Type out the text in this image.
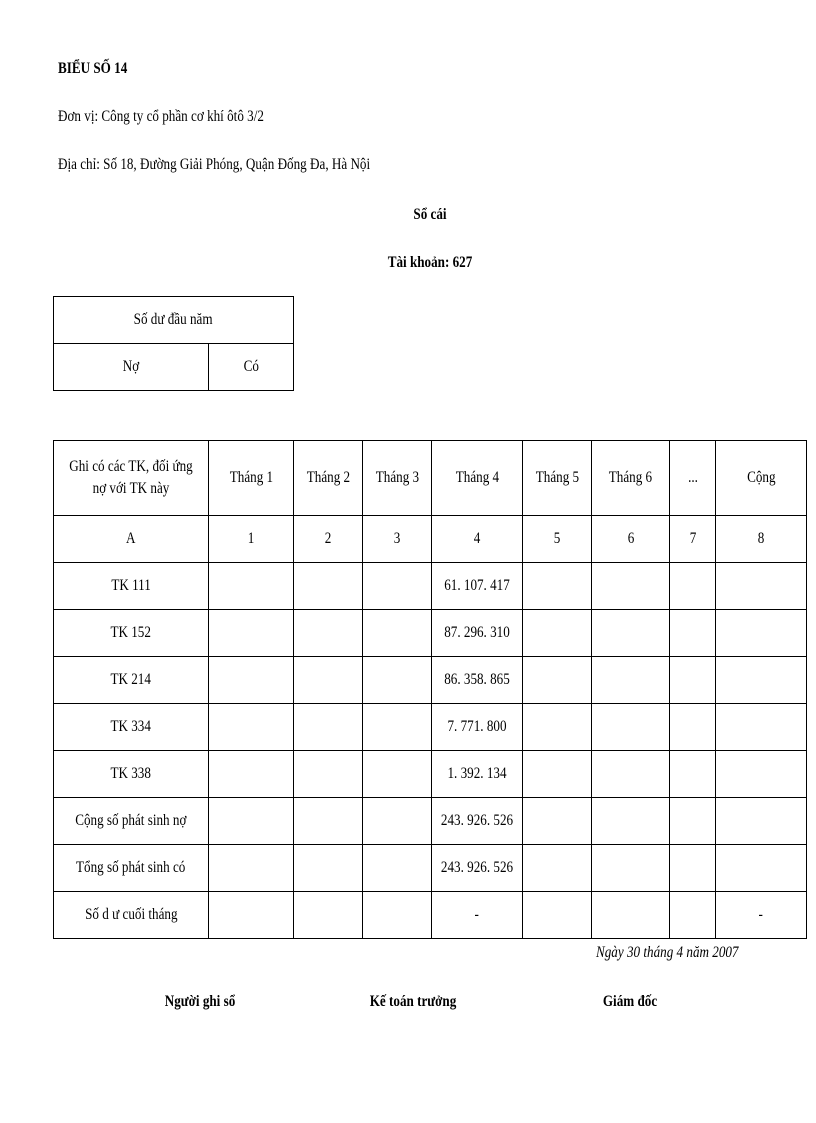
BIỂU SỐ 14
Đơn vị: Công ty cổ phần cơ khí ôtô 3/2
Địa chỉ: Số 18, Đường Giải Phóng, Quận Đống Đa, Hà Nội
Sổ cái
Tài khoản: 627
Số dư đầu năm
Nợ	Có
Ghi có các TK, đối ứng nợ với TK này	Tháng 1	Tháng 2	Tháng 3	Tháng 4	Tháng 5	Tháng 6	...	Cộng
A	1	2	3	4	5	6	7	8
TK 111				61. 107. 417				
TK 152				87. 296. 310				
TK 214				86. 358. 865				
TK 334				7. 771. 800				
TK 338				1. 392. 134				
Cộng số phát sinh nợ				243. 926. 526				
Tổng số phát sinh có				243. 926. 526				
Số d ư cuối tháng				-				-
Ngày 30 tháng 4 năm 2007
Người ghi sổ	Kế toán trưởng	Giám đốc
